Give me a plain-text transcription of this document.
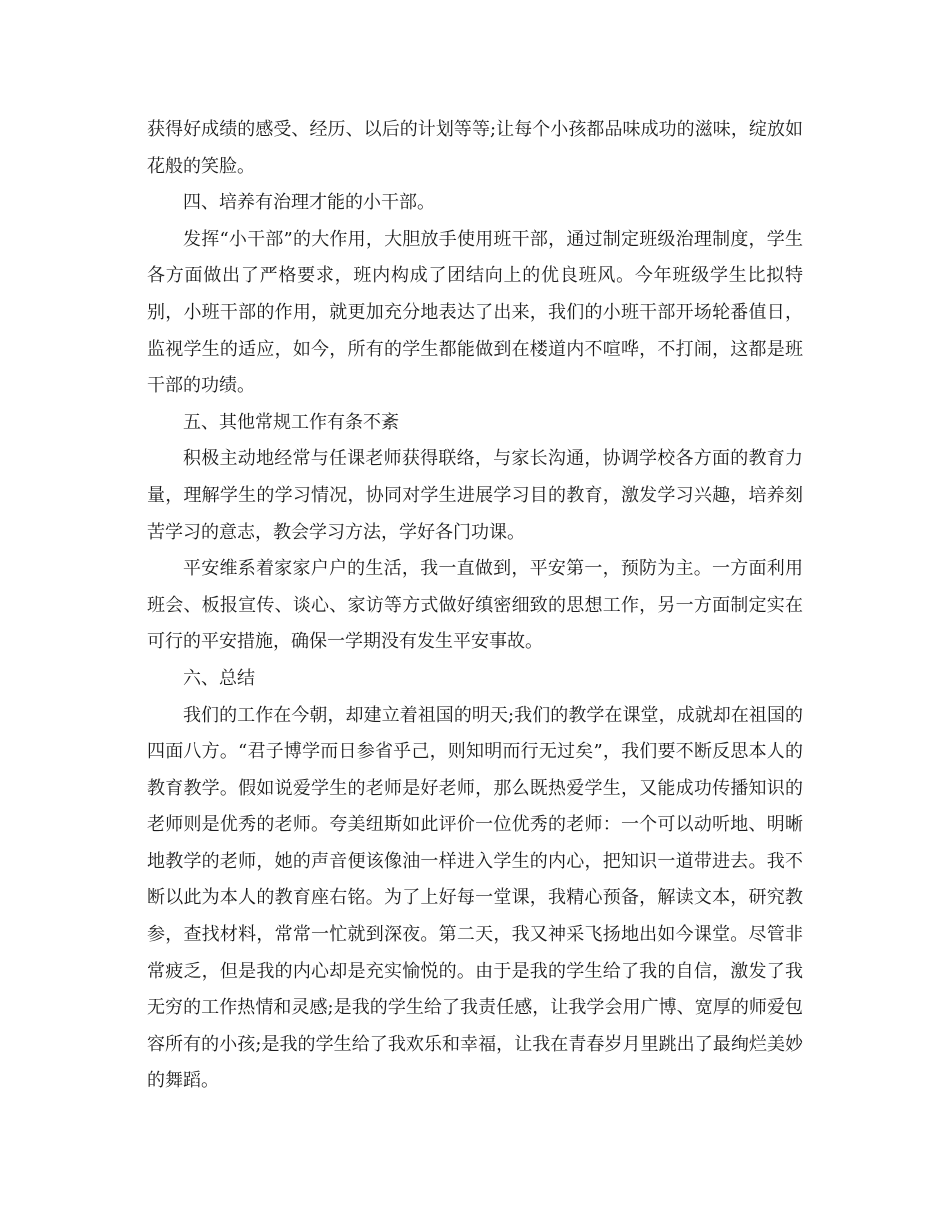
获得好成绩的感受、经历、以后的计划等等;让每个小孩都品味成功的滋味，绽放如花般的笑脸。

四、培养有治理才能的小干部。

发挥“小干部”的大作用，大胆放手使用班干部，通过制定班级治理制度，学生各方面做出了严格要求，班内构成了团结向上的优良班风。今年班级学生比拟特别，小班干部的作用，就更加充分地表达了出来，我们的小班干部开场轮番值日，监视学生的适应，如今，所有的学生都能做到在楼道内不喧哗，不打闹，这都是班干部的功绩。

五、其他常规工作有条不紊

积极主动地经常与任课老师获得联络，与家长沟通，协调学校各方面的教育力量，理解学生的学习情况，协同对学生进展学习目的教育，激发学习兴趣，培养刻苦学习的意志，教会学习方法，学好各门功课。

平安维系着家家户户的生活，我一直做到，平安第一，预防为主。一方面利用班会、板报宣传、谈心、家访等方式做好缜密细致的思想工作，另一方面制定实在可行的平安措施，确保一学期没有发生平安事故。

六、总结

我们的工作在今朝，却建立着祖国的明天;我们的教学在课堂，成就却在祖国的四面八方。“君子博学而日参省乎己，则知明而行无过矣”，我们要不断反思本人的教育教学。假如说爱学生的老师是好老师，那么既热爱学生，又能成功传播知识的老师则是优秀的老师。夸美纽斯如此评价一位优秀的老师：一个可以动听地、明晰地教学的老师，她的声音便该像油一样进入学生的内心，把知识一道带进去。我不断以此为本人的教育座右铭。为了上好每一堂课，我精心预备，解读文本，研究教参，查找材料，常常一忙就到深夜。第二天，我又神采飞扬地出如今课堂。尽管非常疲乏，但是我的内心却是充实愉悦的。由于是我的学生给了我的自信，激发了我无穷的工作热情和灵感;是我的学生给了我责任感，让我学会用广博、宽厚的师爱包容所有的小孩;是我的学生给了我欢乐和幸福，让我在青春岁月里跳出了最绚烂美妙的舞蹈。
